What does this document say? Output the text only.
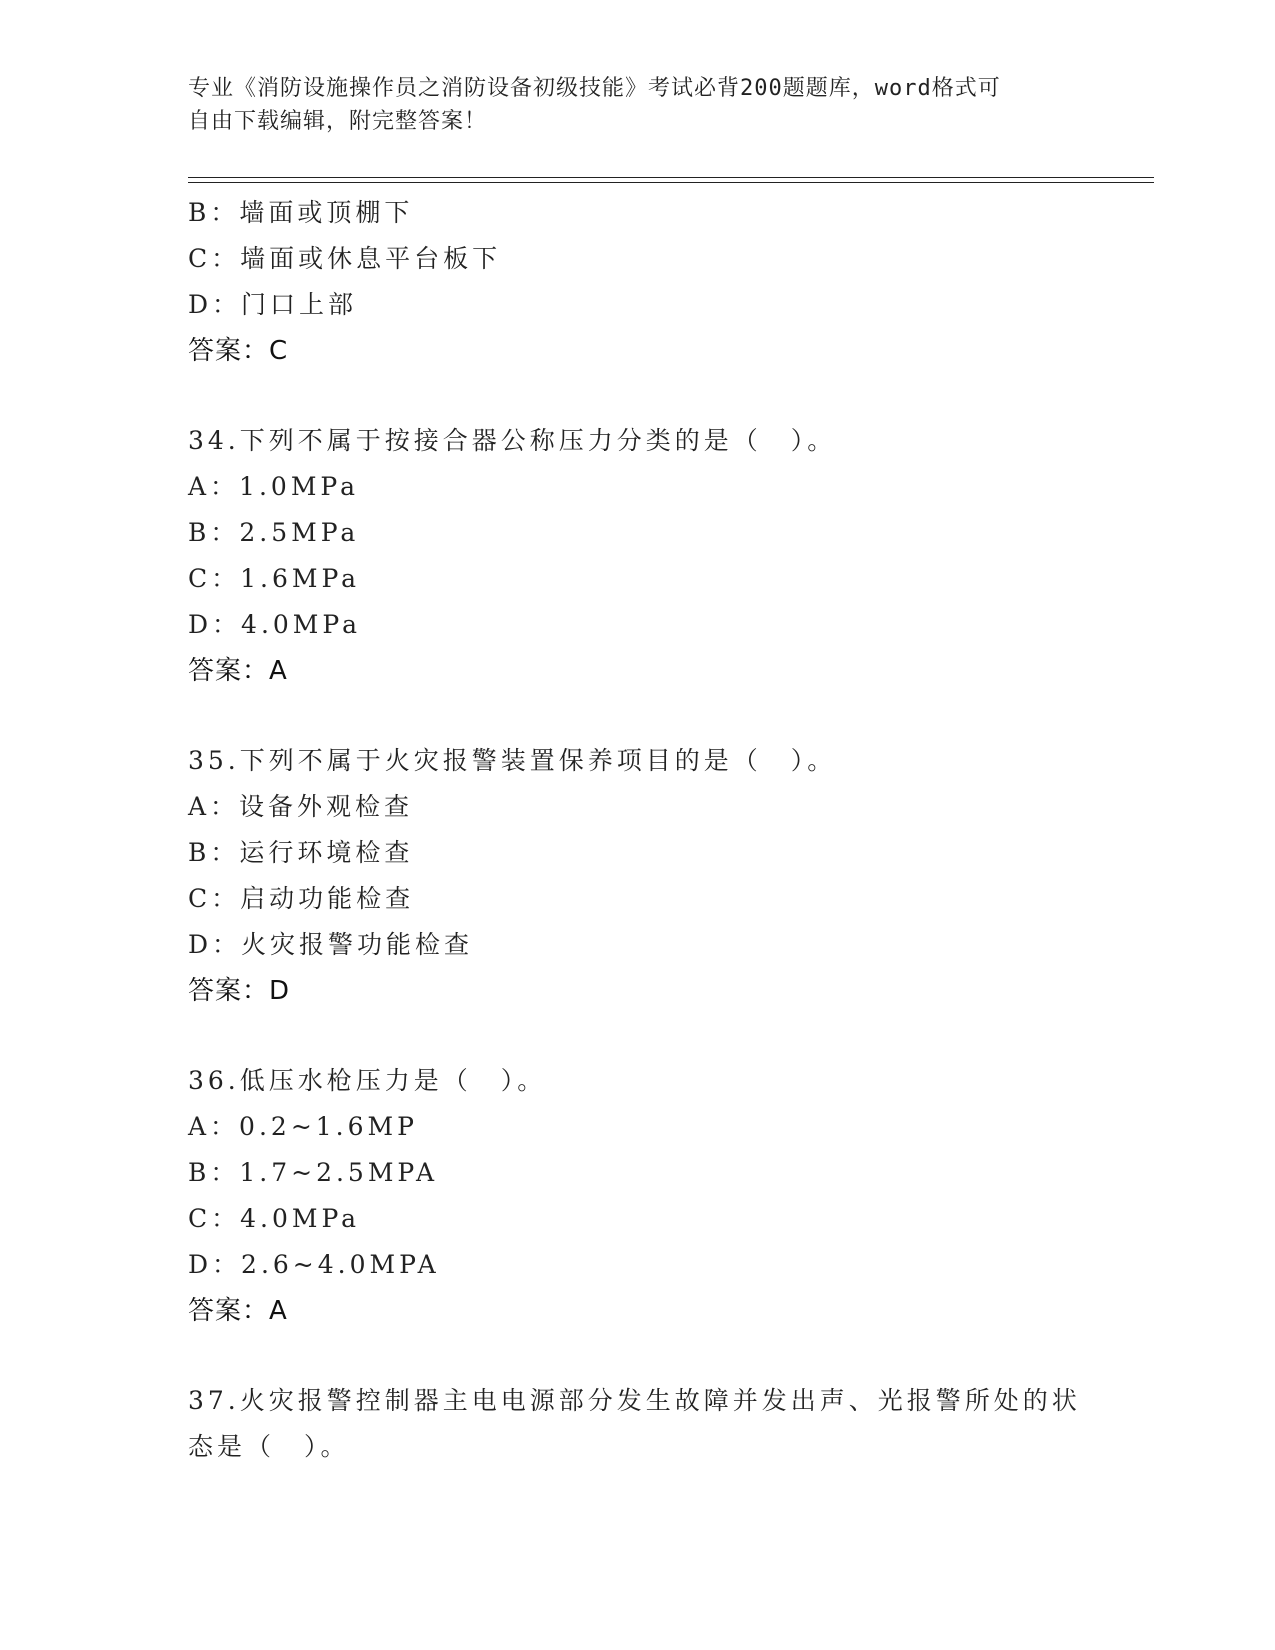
专业《消防设施操作员之消防设备初级技能》考试必背200题题库，word格式可
自由下载编辑，附完整答案！
B：墙面或顶棚下
C：墙面或休息平台板下
D：门口上部
答案：C
34.下列不属于按接合器公称压力分类的是（　）。
A：1.0MPa
B：2.5MPa
C：1.6MPa
D：4.0MPa
答案：A
35.下列不属于火灾报警装置保养项目的是（　）。
A：设备外观检查
B：运行环境检查
C：启动功能检查
D：火灾报警功能检查
答案：D
36.低压水枪压力是（　）。
A：0.2~1.6MP
B：1.7~2.5MPA
C：4.0MPa
D：2.6~4.0MPA
答案：A
37.火灾报警控制器主电电源部分发生故障并发出声、光报警所处的状
态是（　）。
